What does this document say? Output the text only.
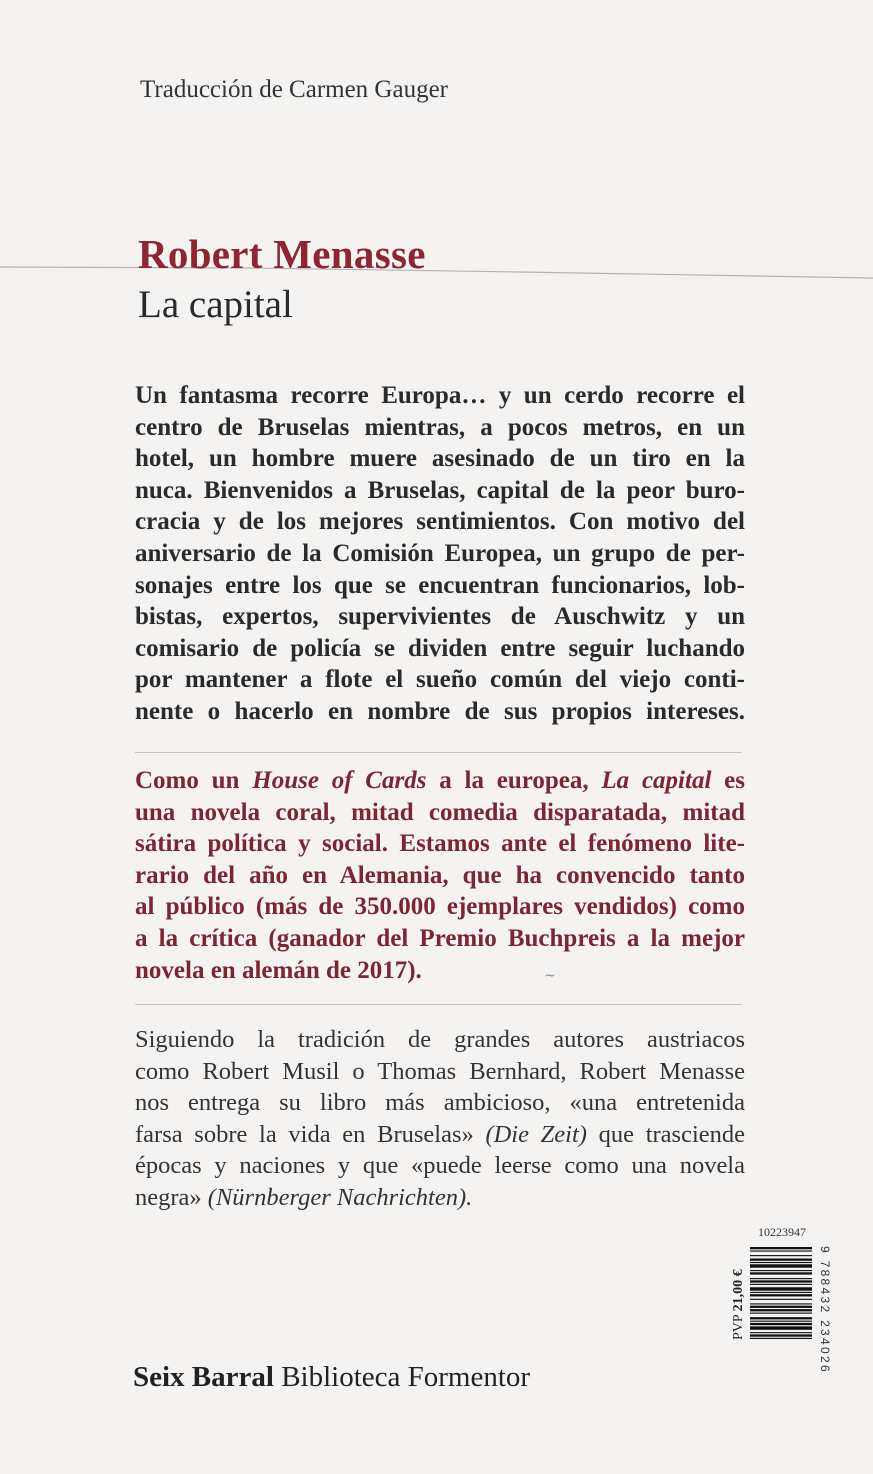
Traducción de Carmen Gauger
Robert Menasse
La capital
Un fantasma recorre Europa… y un cerdo recorre el
centro de Bruselas mientras, a pocos metros, en un
hotel, un hombre muere asesinado de un tiro en la
nuca. Bienvenidos a Bruselas, capital de la peor buro-
cracia y de los mejores sentimientos. Con motivo del
aniversario de la Comisión Europea, un grupo de per-
sonajes entre los que se encuentran funcionarios, lob-
bistas, expertos, supervivientes de Auschwitz y un
comisario de policía se dividen entre seguir luchando
por mantener a flote el sueño común del viejo conti-
nente o hacerlo en nombre de sus propios intereses.
Como un House of Cards a la europea, La capital es
una novela coral, mitad comedia disparatada, mitad
sátira política y social. Estamos ante el fenómeno lite-
rario del año en Alemania, que ha convencido tanto
al público (más de 350.000 ejemplares vendidos) como
a la crítica (ganador del Premio Buchpreis a la mejor
novela en alemán de 2017).	~
Siguiendo la tradición de grandes autores austriacos
como Robert Musil o Thomas Bernhard, Robert Menasse
nos entrega su libro más ambicioso, «una entretenida
farsa sobre la vida en Bruselas» (Die Zeit) que trasciende
épocas y naciones y que «puede leerse como una novela
negra» (Nürnberger Nachrichten).
10223947
PVP 21,00 €	9 788432 234026
Seix Barral Biblioteca Formentor
